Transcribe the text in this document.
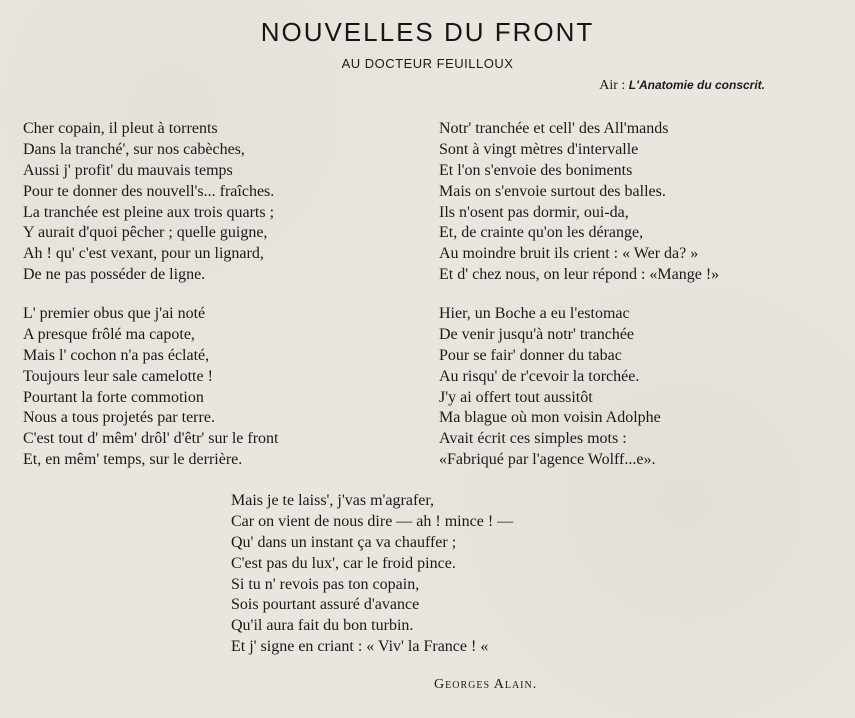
NOUVELLES DU FRONT
AU DOCTEUR FEUILLOUX
Air : L'Anatomie du conscrit.
Cher copain, il pleut à torrents
Dans la tranché', sur nos cabèches,
Aussi j' profit' du mauvais temps
Pour te donner des nouvell's... fraîches.
La tranchée est pleine aux trois quarts ;
Y aurait d'quoi pêcher ; quelle guigne,
Ah ! qu' c'est vexant, pour un lignard,
De ne pas posséder de ligne.
Notr' tranchée et cell' des All'mands
Sont à vingt mètres d'intervalle
Et l'on s'envoie des boniments
Mais on s'envoie surtout des balles.
Ils n'osent pas dormir, oui-da,
Et, de crainte qu'on les dérange,
Au moindre bruit ils crient : « Wer da? »
Et d' chez nous, on leur répond : «Mange !»
L' premier obus que j'ai noté
A presque frôlé ma capote,
Mais l' cochon n'a pas éclaté,
Toujours leur sale camelotte !
Pourtant la forte commotion
Nous a tous projetés par terre.
C'est tout d' mêm' drôl' d'êtr' sur le front
Et, en mêm' temps, sur le derrière.
Hier, un Boche a eu l'estomac
De venir jusqu'à notr' tranchée
Pour se fair' donner du tabac
Au risqu' de r'cevoir la torchée.
J'y ai offert tout aussitôt
Ma blague où mon voisin Adolphe
Avait écrit ces simples mots :
«Fabriqué par l'agence Wolff...e».
Mais je te laiss', j'vas m'agrafer,
Car on vient de nous dire — ah ! mince ! —
Qu' dans un instant ça va chauffer ;
C'est pas du lux', car le froid pince.
Si tu n' revois pas ton copain,
Sois pourtant assuré d'avance
Qu'il aura fait du bon turbin.
Et j' signe en criant : « Viv' la France ! «
Georges Alain.
